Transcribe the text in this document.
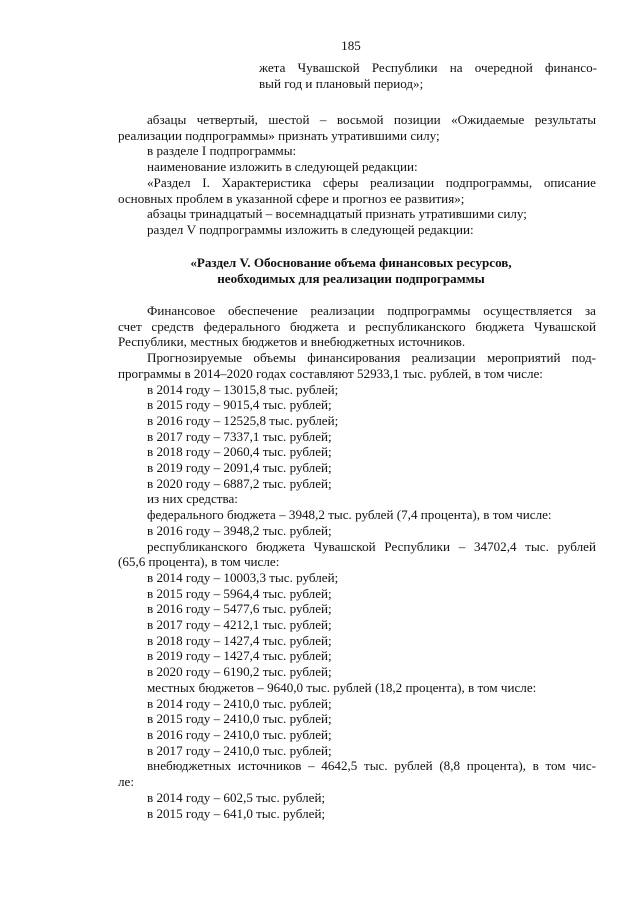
185
жета Чувашской Республики на очередной финансо-
вый год и плановый период»;
абзацы четвертый, шестой – восьмой позиции «Ожидаемые результаты
реализации подпрограммы» признать утратившими силу;
в разделе I подпрограммы:
наименование изложить в следующей редакции:
«Раздел I. Характеристика сферы реализации подпрограммы, описание
основных проблем в указанной сфере и прогноз ее развития»;
абзацы тринадцатый – восемнадцатый признать утратившими силу;
раздел V подпрограммы изложить в следующей редакции:
«Раздел V. Обоснование объема финансовых ресурсов,
необходимых для реализации подпрограммы
Финансовое обеспечение реализации подпрограммы осуществляется за
счет средств федерального бюджета и республиканского бюджета Чувашской
Республики, местных бюджетов и внебюджетных источников.
Прогнозируемые объемы финансирования реализации мероприятий под-
программы в 2014–2020 годах составляют 52933,1 тыс. рублей, в том числе:
в 2014 году – 13015,8 тыс. рублей;
в 2015 году – 9015,4 тыс. рублей;
в 2016 году – 12525,8 тыс. рублей;
в 2017 году – 7337,1 тыс. рублей;
в 2018 году – 2060,4 тыс. рублей;
в 2019 году – 2091,4 тыс. рублей;
в 2020 году – 6887,2 тыс. рублей;
из них средства:
федерального бюджета – 3948,2 тыс. рублей (7,4 процента), в том числе:
в 2016 году – 3948,2 тыс. рублей;
республиканского бюджета Чувашской Республики – 34702,4 тыс. рублей
(65,6 процента), в том числе:
в 2014 году – 10003,3 тыс. рублей;
в 2015 году – 5964,4 тыс. рублей;
в 2016 году – 5477,6 тыс. рублей;
в 2017 году – 4212,1 тыс. рублей;
в 2018 году – 1427,4 тыс. рублей;
в 2019 году – 1427,4 тыс. рублей;
в 2020 году – 6190,2 тыс. рублей;
местных бюджетов – 9640,0 тыс. рублей (18,2 процента), в том числе:
в 2014 году – 2410,0 тыс. рублей;
в 2015 году – 2410,0 тыс. рублей;
в 2016 году – 2410,0 тыс. рублей;
в 2017 году – 2410,0 тыс. рублей;
внебюджетных источников – 4642,5 тыс. рублей (8,8 процента), в том чис-
ле:
в 2014 году – 602,5 тыс. рублей;
в 2015 году – 641,0 тыс. рублей;
